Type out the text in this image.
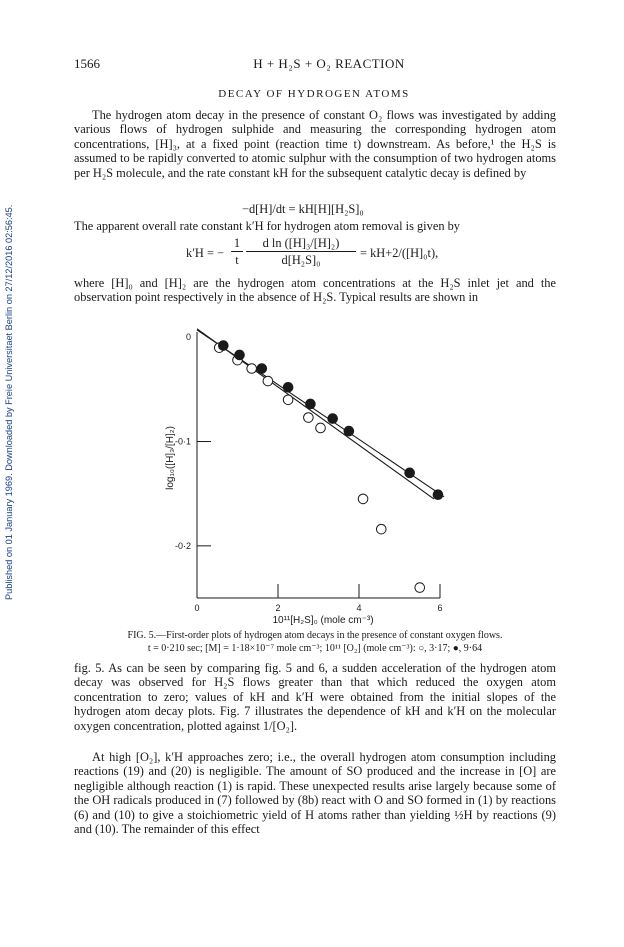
Published on 01 January 1969. Downloaded by Freie Universitaet Berlin on 27/12/2016 02:56:45.
1566	H + H₂S + O₂ REACTION
DECAY OF HYDROGEN ATOMS

The hydrogen atom decay in the presence of constant O₂ flows was investigated by adding various flows of hydrogen sulphide and measuring the corresponding hydrogen atom concentrations, [H]₃, at a fixed point (reaction time t) downstream. As before,¹ the H₂S is assumed to be rapidly converted to atomic sulphur with the consumption of two hydrogen atoms per H₂S molecule, and the rate constant kΗ for the subsequent catalytic decay is defined by

−d[H]/dt = kΗ[H][H₂S]₀

The apparent overall rate constant k′Η for hydrogen atom removal is given by

k′Η = −
1
t
d ln ([H]₃/[H]₂)
d[H₂S]₀	= kΗ+2/([H]₀t),

where [H]₀ and [H]₂ are the hydrogen atom concentrations at the H₂S inlet jet and the observation point respectively in the absence of H₂S. Typical results are shown in

0	2	4	6
0
-0·1
-0·2
log₁₀([H]₃/[H]₂)
10¹¹[H₂S]₀ (mole cm⁻³)

FIG. 5.—First-order plots of hydrogen atom decays in the presence of constant oxygen flows.

t = 0·210 sec; [M] = 1·18×10⁻⁷ mole cm⁻³; 10¹¹ [O₂] (mole cm⁻³): ○, 3·17; ●, 9·64

fig. 5. As can be seen by comparing fig. 5 and 6, a sudden acceleration of the hydrogen atom decay was observed for H₂S flows greater than that which reduced the oxygen atom concentration to zero; values of kΗ and k′Η were obtained from the initial slopes of the hydrogen atom decay plots. Fig. 7 illustrates the dependence of kΗ and k′Η on the molecular oxygen concentration, plotted against 1/[O₂].

At high [O₂], k′Η approaches zero; i.e., the overall hydrogen atom consumption including reactions (19) and (20) is negligible. The amount of SO produced and the increase in [O] are negligible although reaction (1) is rapid. These unexpected results arise largely because some of the OH radicals produced in (7) followed by (8b) react with O and SO formed in (1) by reactions (6) and (10) to give a stoichiometric yield of H atoms rather than yielding ½H by reactions (9) and (10). The remainder of this effect
